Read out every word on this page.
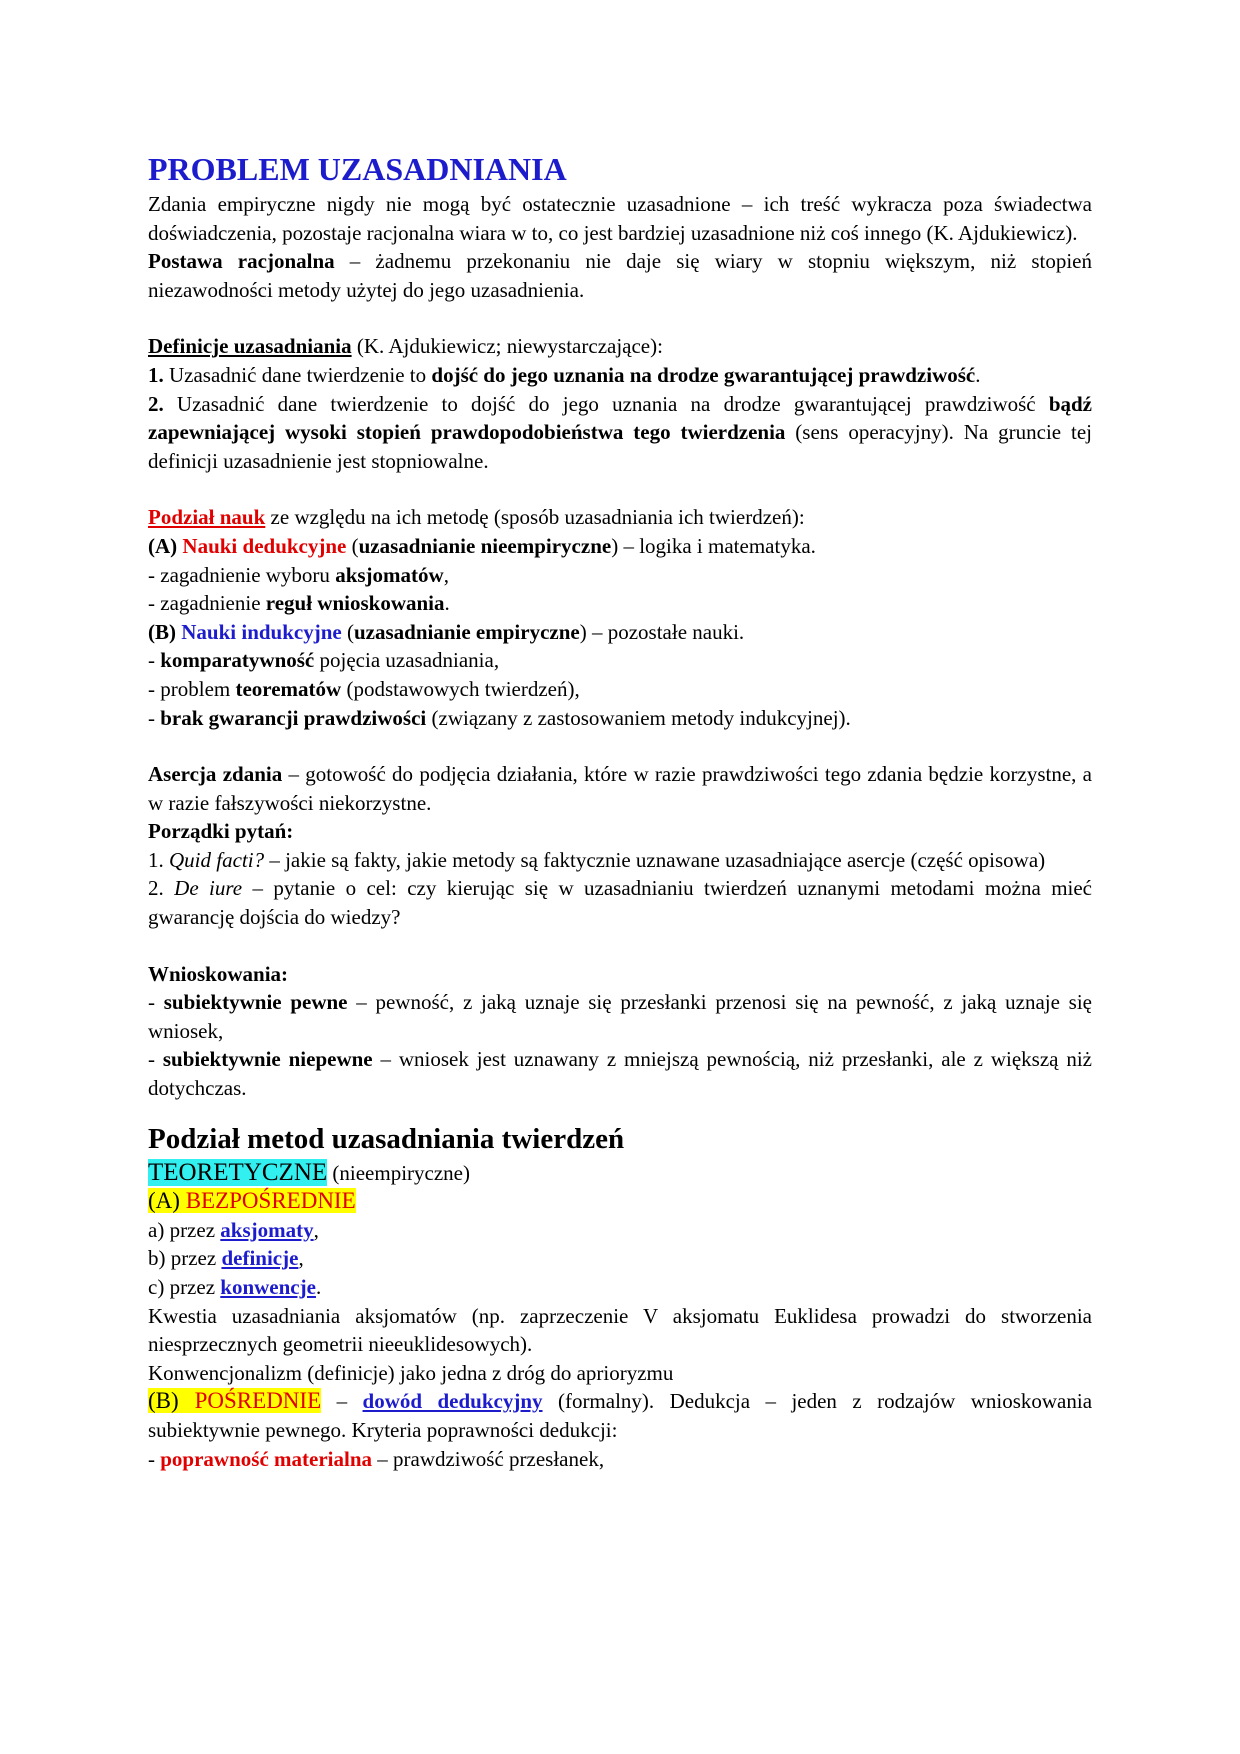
PROBLEM UZASADNIANIA

Zdania empiryczne nigdy nie mogą być ostatecznie uzasadnione – ich treść wykracza poza świadectwa doświadczenia, pozostaje racjonalna wiara w to, co jest bardziej uzasadnione niż coś innego (K. Ajdukiewicz).

Postawa racjonalna – żadnemu przekonaniu nie daje się wiary w stopniu większym, niż stopień niezawodności metody użytej do jego uzasadnienia.

Definicje uzasadniania (K. Ajdukiewicz; niewystarczające):

1. Uzasadnić dane twierdzenie to dojść do jego uznania na drodze gwarantującej prawdziwość.

2. Uzasadnić dane twierdzenie to dojść do jego uznania na drodze gwarantującej prawdziwość bądź zapewniającej wysoki stopień prawdopodobieństwa tego twierdzenia (sens operacyjny). Na gruncie tej definicji uzasadnienie jest stopniowalne.

Podział nauk ze względu na ich metodę (sposób uzasadniania ich twierdzeń):

(A) Nauki dedukcyjne (uzasadnianie nieempiryczne) – logika i matematyka.

- zagadnienie wyboru aksjomatów,

- zagadnienie reguł wnioskowania.

(B) Nauki indukcyjne (uzasadnianie empiryczne) – pozostałe nauki.

- komparatywność pojęcia uzasadniania,

- problem teorematów (podstawowych twierdzeń),

- brak gwarancji prawdziwości (związany z zastosowaniem metody indukcyjnej).

Asercja zdania – gotowość do podjęcia działania, które w razie prawdziwości tego zdania będzie korzystne, a w razie fałszywości niekorzystne.

Porządki pytań:

1. Quid facti? – jakie są fakty, jakie metody są faktycznie uznawane uzasadniające asercje (część opisowa)

2. De iure – pytanie o cel: czy kierując się w uzasadnianiu twierdzeń uznanymi metodami można mieć gwarancję dojścia do wiedzy?

Wnioskowania:

- subiektywnie pewne – pewność, z jaką uznaje się przesłanki przenosi się na pewność, z jaką uznaje się wniosek,

- subiektywnie niepewne – wniosek jest uznawany z mniejszą pewnością, niż przesłanki, ale z większą niż dotychczas.

Podział metod uzasadniania twierdzeń

TEORETYCZNE (nieempiryczne)

(A) BEZPOŚREDNIE

a) przez aksjomaty,

b) przez definicje,

c) przez konwencje.

Kwestia uzasadniania aksjomatów (np. zaprzeczenie V aksjomatu Euklidesa prowadzi do stworzenia niesprzecznych geometrii nieeuklidesowych).

Konwencjonalizm (definicje) jako jedna z dróg do aprioryzmu

(B) POŚREDNIE – dowód dedukcyjny (formalny). Dedukcja – jeden z rodzajów wnioskowania subiektywnie pewnego. Kryteria poprawności dedukcji:

- poprawność materialna – prawdziwość przesłanek,
